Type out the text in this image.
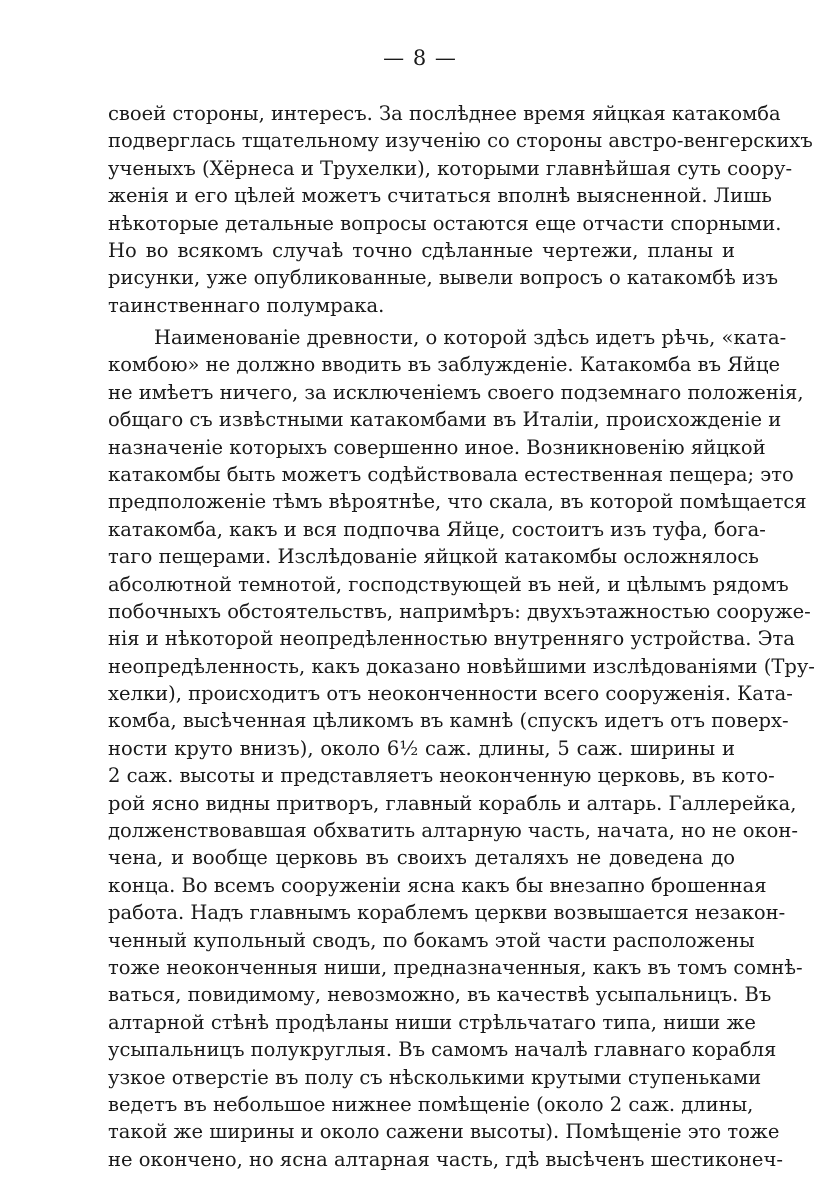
— 8 —
своей стороны, интересъ. За послѣднее время яйцкая катакомба
подверглась тщательному изученію со стороны австро-венгерскихъ
ученыхъ (Хёрнеса и Трухелки), которыми главнѣйшая суть соору-
женія и его цѣлей можетъ считаться вполнѣ выясненной. Лишь
нѣкоторые детальные вопросы остаются еще отчасти спорными.
Но во всякомъ случаѣ точно сдѣланные чертежи, планы и
рисунки, уже опубликованные, вывели вопросъ о катакомбѣ изъ
таинственнаго полумрака.
Наименованіе древности, о которой здѣсь идетъ рѣчь, «ката-
комбою» не должно вводить въ заблужденіе. Катакомба въ Яйце
не имѣетъ ничего, за исключеніемъ своего подземнаго положенія,
общаго съ извѣстными катакомбами въ Италіи, происхожденіе и
назначеніе которыхъ совершенно иное. Возникновенію яйцкой
катакомбы быть можетъ содѣйствовала естественная пещера; это
предположеніе тѣмъ вѣроятнѣе, что скала, въ которой помѣщается
катакомба, какъ и вся подпочва Яйце, состоитъ изъ туфа, бога-
таго пещерами. Изслѣдованіе яйцкой катакомбы осложнялось
абсолютной темнотой, господствующей въ ней, и цѣлымъ рядомъ
побочныхъ обстоятельствъ, напримѣръ: двухъэтажностью сооруже-
нія и нѣкоторой неопредѣленностью внутренняго устройства. Эта
неопредѣленность, какъ доказано новѣйшими изслѣдованіями (Тру-
хелки), происходитъ отъ неоконченности всего сооруженія. Ката-
комба, высѣченная цѣликомъ въ камнѣ (спускъ идетъ отъ поверх-
ности круто внизъ), около 6½ саж. длины, 5 саж. ширины и
2 саж. высоты и представляетъ неоконченную церковь, въ кото-
рой ясно видны притворъ, главный корабль и алтарь. Галлерейка,
долженствовавшая обхватить алтарную часть, начата, но не окон-
чена, и вообще церковь въ своихъ деталяхъ не доведена до
конца. Во всемъ сооруженіи ясна какъ бы внезапно брошенная
работа. Надъ главнымъ кораблемъ церкви возвышается незакон-
ченный купольный сводъ, по бокамъ этой части расположены
тоже неоконченныя ниши, предназначенныя, какъ въ томъ сомнѣ-
ваться, повидимому, невозможно, въ качествѣ усыпальницъ. Въ
алтарной стѣнѣ продѣланы ниши стрѣльчатаго типа, ниши же
усыпальницъ полукруглыя. Въ самомъ началѣ главнаго корабля
узкое отверстіе въ полу съ нѣсколькими крутыми ступеньками
ведетъ въ небольшое нижнее помѣщеніе (около 2 саж. длины,
такой же ширины и около сажени высоты). Помѣщеніе это тоже
не окончено, но ясна алтарная часть, гдѣ высѣченъ шестиконеч-
